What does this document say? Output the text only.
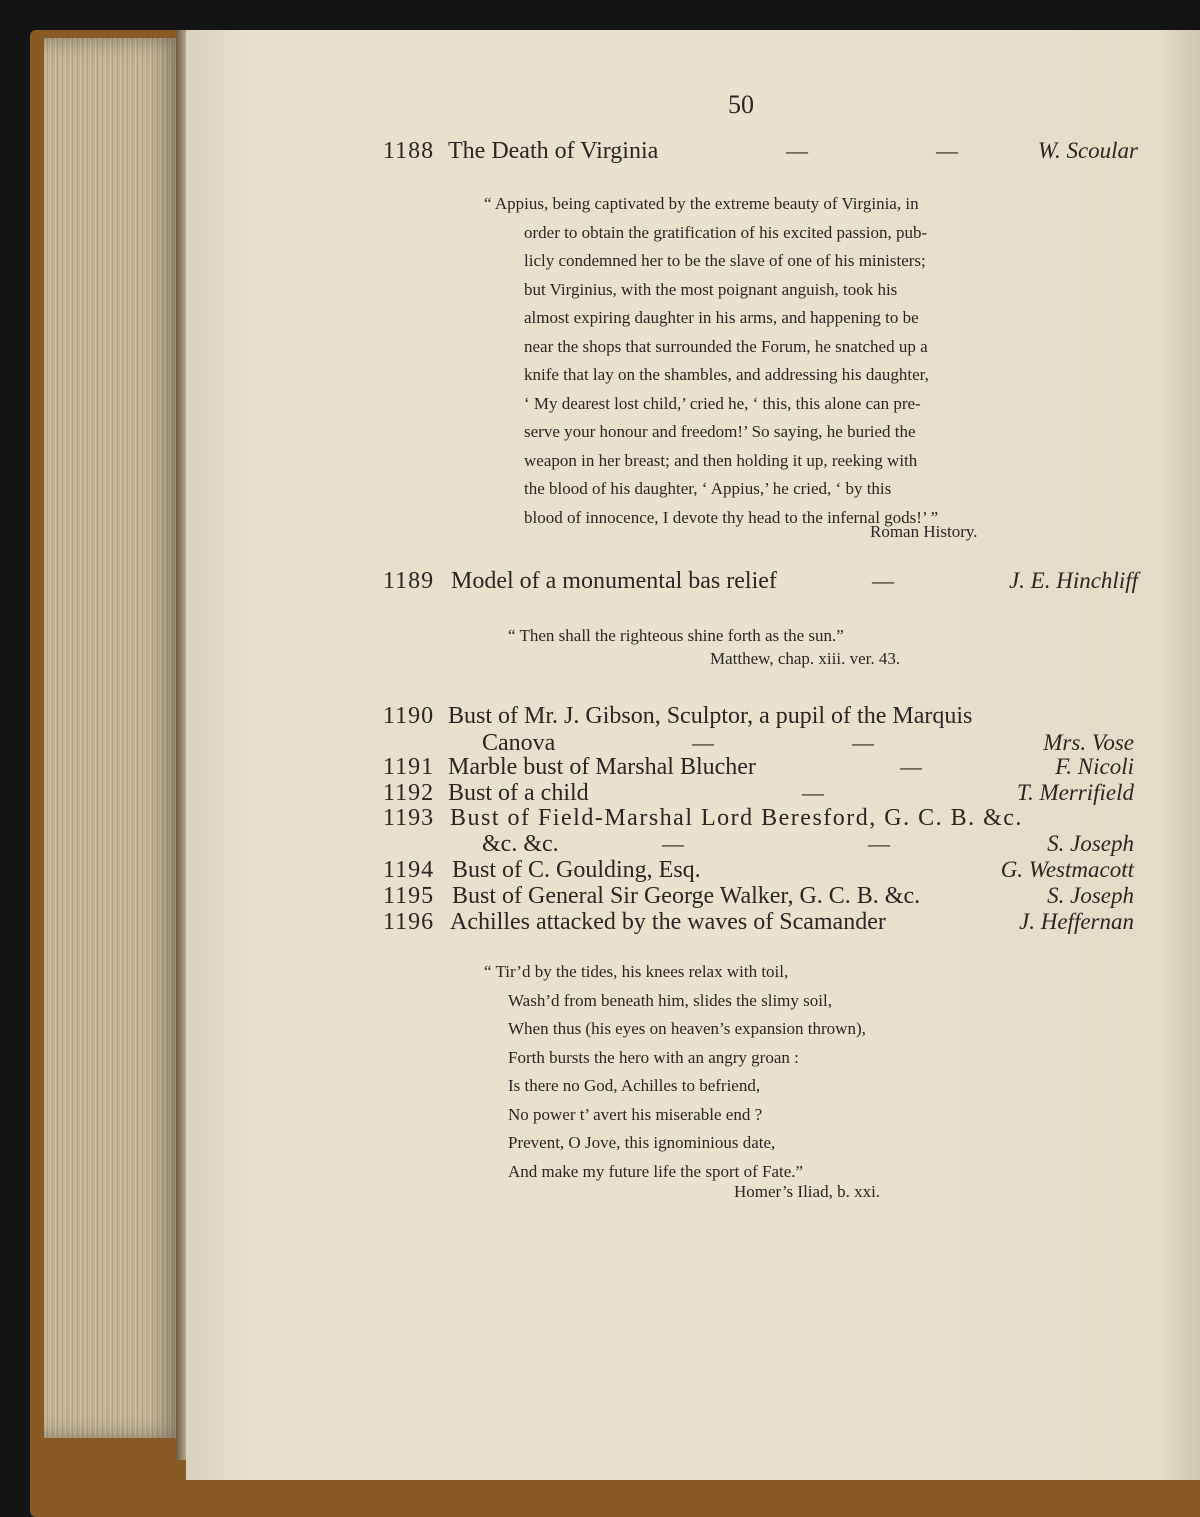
50
1188 The Death of Virginia	—	—	W. Scoular

“ Appius, being captivated by the extreme beauty of Virginia, in

order to obtain the gratification of his excited passion, pub-

licly condemned her to be the slave of one of his ministers;

but Virginius, with the most poignant anguish, took his

almost expiring daughter in his arms, and happening to be

near the shops that surrounded the Forum, he snatched up a

knife that lay on the shambles, and addressing his daughter,

‘ My dearest lost child,’ cried he, ‘ this, this alone can pre-

serve your honour and freedom!’ So saying, he buried the

weapon in her breast; and then holding it up, reeking with

the blood of his daughter, ‘ Appius,’ he cried, ‘ by this

blood of innocence, I devote thy head to the infernal gods!’ ”

Roman History.
1189 Model of a monumental bas relief	—	J. E. Hinchliff

“ Then shall the righteous shine forth as the sun.”

Matthew, chap. xiii. ver. 43.
1190 Bust of Mr. J. Gibson, Sculptor, a pupil of the Marquis
Canova	—	—	Mrs. Vose
1191 Marble bust of Marshal Blucher	—	F. Nicoli
1192 Bust of a child	—	T. Merrifield
1193 Bust of Field-Marshal Lord Beresford, G. C. B. &c.
&c. &c.	—	—	S. Joseph
1194 Bust of C. Goulding, Esq.	G. Westmacott
1195 Bust of General Sir George Walker, G. C. B. &c.	S. Joseph
1196 Achilles attacked by the waves of Scamander	J. Heffernan

“ Tir’d by the tides, his knees relax with toil,

Wash’d from beneath him, slides the slimy soil,

When thus (his eyes on heaven’s expansion thrown),

Forth bursts the hero with an angry groan :

Is there no God, Achilles to befriend,

No power t’ avert his miserable end ?

Prevent, O Jove, this ignominious date,

And make my future life the sport of Fate.”

Homer’s Iliad, b. xxi.
